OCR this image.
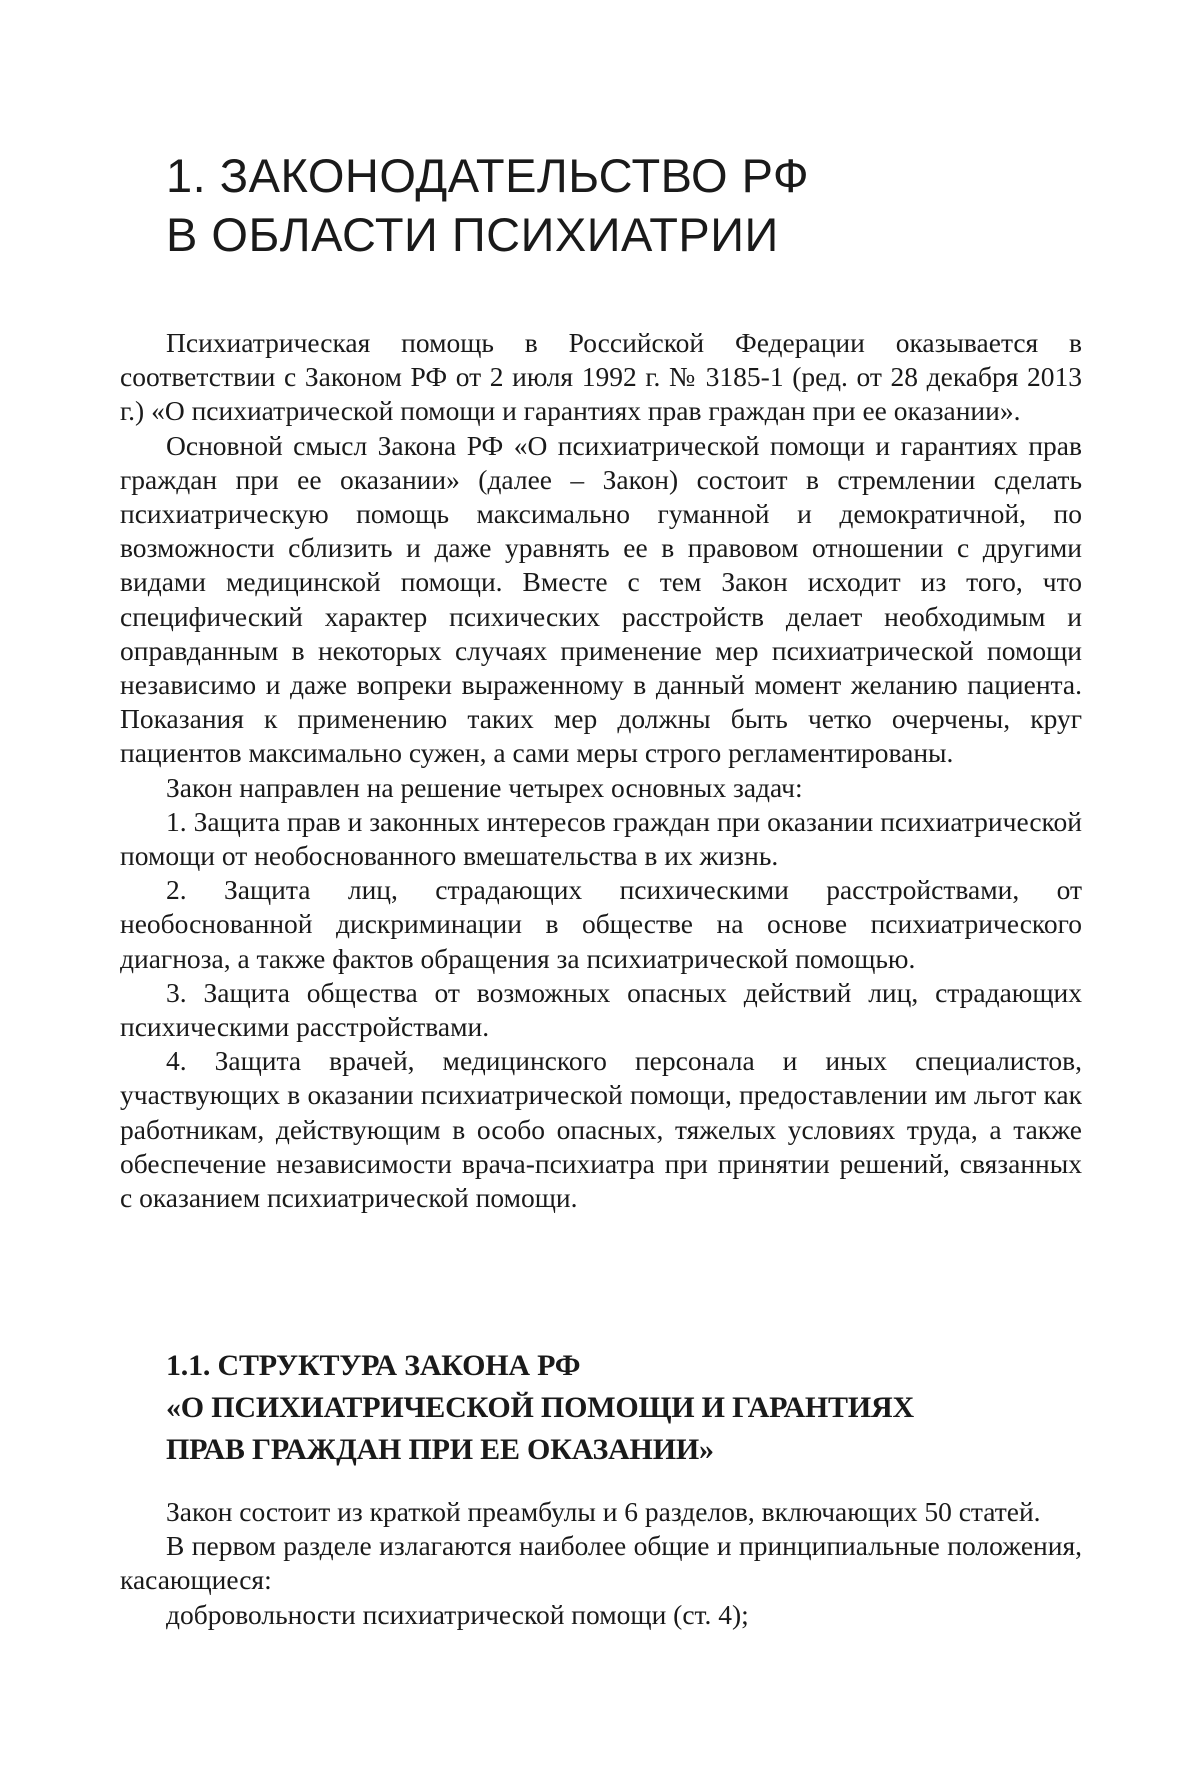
1. ЗАКОНОДАТЕЛЬСТВО РФ
В ОБЛАСТИ ПСИХИАТРИИ

Психиатрическая помощь в Российской Федерации оказывается в соответствии с Законом РФ от 2 июля 1992 г. № 3185-1 (ред. от 28 декабря 2013 г.) «О психиатрической помощи и гарантиях прав граждан при ее оказании».

Основной смысл Закона РФ «О психиатрической помощи и гарантиях прав граждан при ее оказании» (далее – Закон) состоит в стремлении сделать психиатрическую помощь максимально гуманной и демократичной, по возможности сблизить и даже уравнять ее в правовом отношении с другими видами медицинской помощи. Вместе с тем Закон исходит из того, что специфический характер психических расстройств делает необходимым и оправданным в некоторых случаях применение мер психиатрической помощи независимо и даже вопреки выраженному в данный момент желанию пациента. Показания к применению таких мер должны быть четко очерчены, круг пациентов максимально сужен, а сами меры строго регламентированы.

Закон направлен на решение четырех основных задач:

1. Защита прав и законных интересов граждан при оказании психиатрической помощи от необоснованного вмешательства в их жизнь.

2. Защита лиц, страдающих психическими расстройствами, от необоснованной дискриминации в обществе на основе психиатрического диагноза, а также фактов обращения за психиатрической помощью.

3. Защита общества от возможных опасных действий лиц, страдающих психическими расстройствами.

4. Защита врачей, медицинского персонала и иных специалистов, участвующих в оказании психиатрической помощи, предоставлении им льгот как работникам, действующим в особо опасных, тяжелых условиях труда, а также обеспечение независимости врача-психиатра при принятии решений, связанных с оказанием психиатрической помощи.

1.1. СТРУКТУРА ЗАКОНА РФ
«О ПСИХИАТРИЧЕСКОЙ ПОМОЩИ И ГАРАНТИЯХ
ПРАВ ГРАЖДАН ПРИ ЕЕ ОКАЗАНИИ»

Закон состоит из краткой преамбулы и 6 разделов, включающих 50 статей.

В первом разделе излагаются наиболее общие и принципиальные положения, касающиеся:

добровольности психиатрической помощи (ст. 4);
